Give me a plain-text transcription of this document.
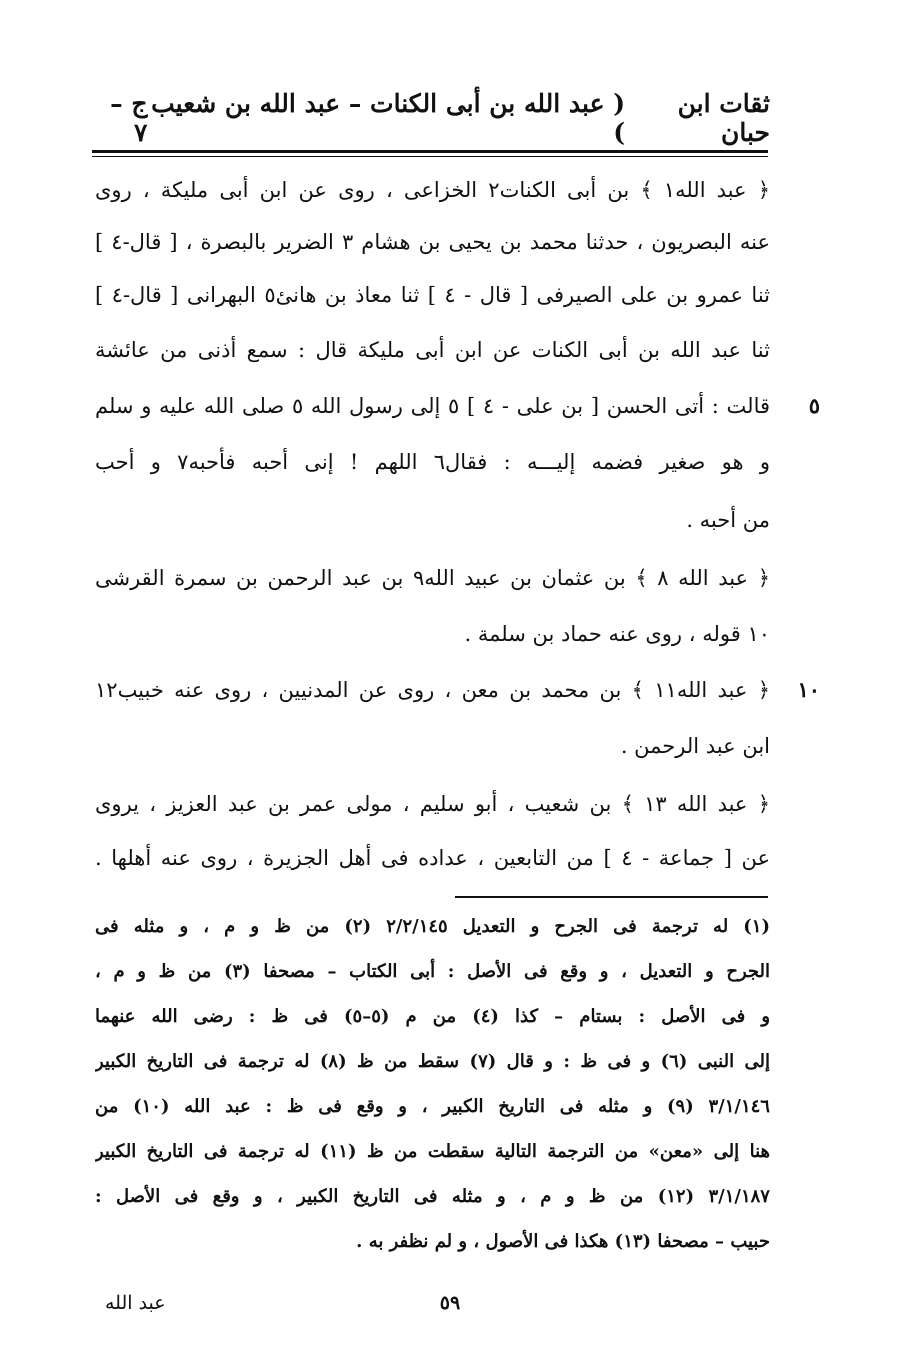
ثقات ابن حبان
( عبد الله بن أبى الكنات – عبد الله بن شعيب )
ج – ٧
﴿ عبد الله١ ﴾ بن أبى الكنات٢ الخزاعى ، روى عن ابن أبى مليكة ، روى
عنه البصريون ، حدثنا محمد بن يحيى بن هشام ٣ الضرير بالبصرة ، [ قال-٤ ]
ثنا عمرو بن على الصيرفى [ قال - ٤ ] ثنا معاذ بن هانئ٥ البهرانى [ قال-٤ ]
ثنا عبد الله بن أبى الكنات عن ابن أبى مليكة قال : سمع أذنى من عائشة
قالت : أتى الحسن [ بن على - ٤ ] ٥ إلى رسول الله ٥ صلى الله عليه و سلم	٥
و هو صغير فضمه إليـــه : فقال٦ اللهم ! إنى أحبه فأحبه٧ و أحب
من أحبه .
﴿ عبد الله ٨ ﴾ بن عثمان بن عبيد الله٩ بن عبد الرحمن بن سمرة القرشى
١٠ قوله ، روى عنه حماد بن سلمة .
﴿ عبد الله١١ ﴾ بن محمد بن معن ، روى عن المدنيين ، روى عنه خبيب١٢	١٠
ابن عبد الرحمن .
﴿ عبد الله ١٣ ﴾ بن شعيب ، أبو سليم ، مولى عمر بن عبد العزيز ، يروى
عن [ جماعة - ٤ ] من التابعين ، عداده فى أهل الجزيرة ، روى عنه أهلها .
(١) له ترجمة فى الجرح و التعديل ٢/٢/١٤٥ (٢) من ظ و م ، و مثله فى
الجرح و التعديل ، و وقع فى الأصل : أبى الكتاب – مصحفا (٣) من ظ و م ،
و فى الأصل : بستام – كذا (٤) من م (٥–٥) فى ظ : رضى الله عنهما
إلى النبى (٦) و فى ظ : و قال (٧) سقط من ظ (٨) له ترجمة فى التاريخ الكبير
٣/١/١٤٦ (٩) و مثله فى التاريخ الكبير ، و وقع فى ظ : عبد الله (١٠) من
هنا إلى «معن» من الترجمة التالية سقطت من ظ (١١) له ترجمة فى التاريخ الكبير
٣/١/١٨٧ (١٢) من ظ و م ، و مثله فى التاريخ الكبير ، و وقع فى الأصل :
حبيب – مصحفا (١٣) هكذا فى الأصول ، و لم نظفر به .
عبد الله	٥٩
